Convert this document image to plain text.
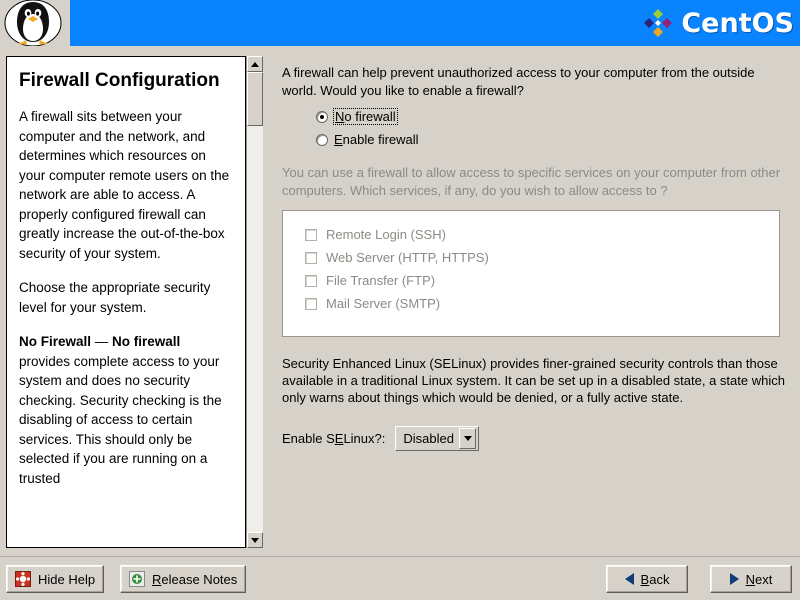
CentOS
Firewall Configuration
A firewall sits between your computer and the network, and determines which resources on your computer remote users on the network are able to access. A properly configured firewall can greatly increase the out-of-the-box security of your system.
Choose the appropriate security level for your system.
No Firewall — No firewall provides complete access to your system and does no security checking. Security checking is the disabling of access to certain services. This should only be selected if you are running on a trusted
A firewall can help prevent unauthorized access to your computer from the outside world. Would you like to enable a firewall?
No firewall
Enable firewall
You can use a firewall to allow access to specific services on your computer from other computers. Which services, if any, do you wish to allow access to ?
Remote Login (SSH)
Web Server (HTTP, HTTPS)
File Transfer (FTP)
Mail Server (SMTP)
Security Enhanced Linux (SELinux) provides finer-grained security controls than those available in a traditional Linux system. It can be set up in a disabled state, a state which only warns about things which would be denied, or a fully active state.
Enable SELinux?:	Disabled
Hide Help	Release Notes	Back	Next
